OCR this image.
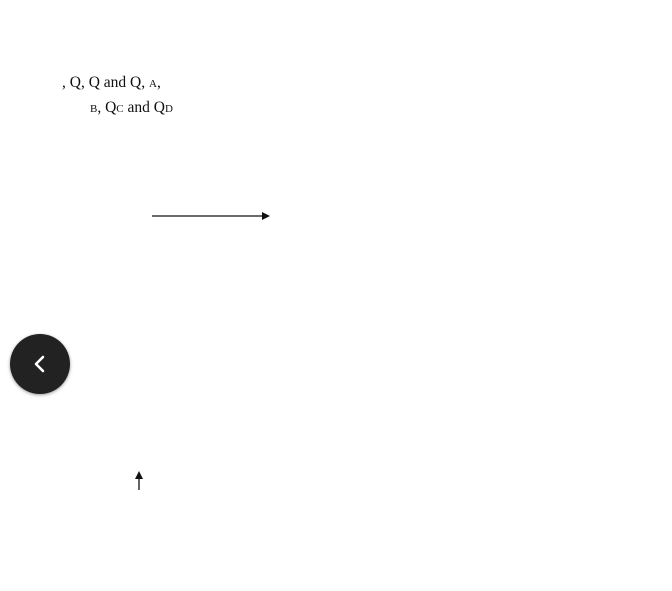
, Q, Q and Q, A,
B, QC and QD
